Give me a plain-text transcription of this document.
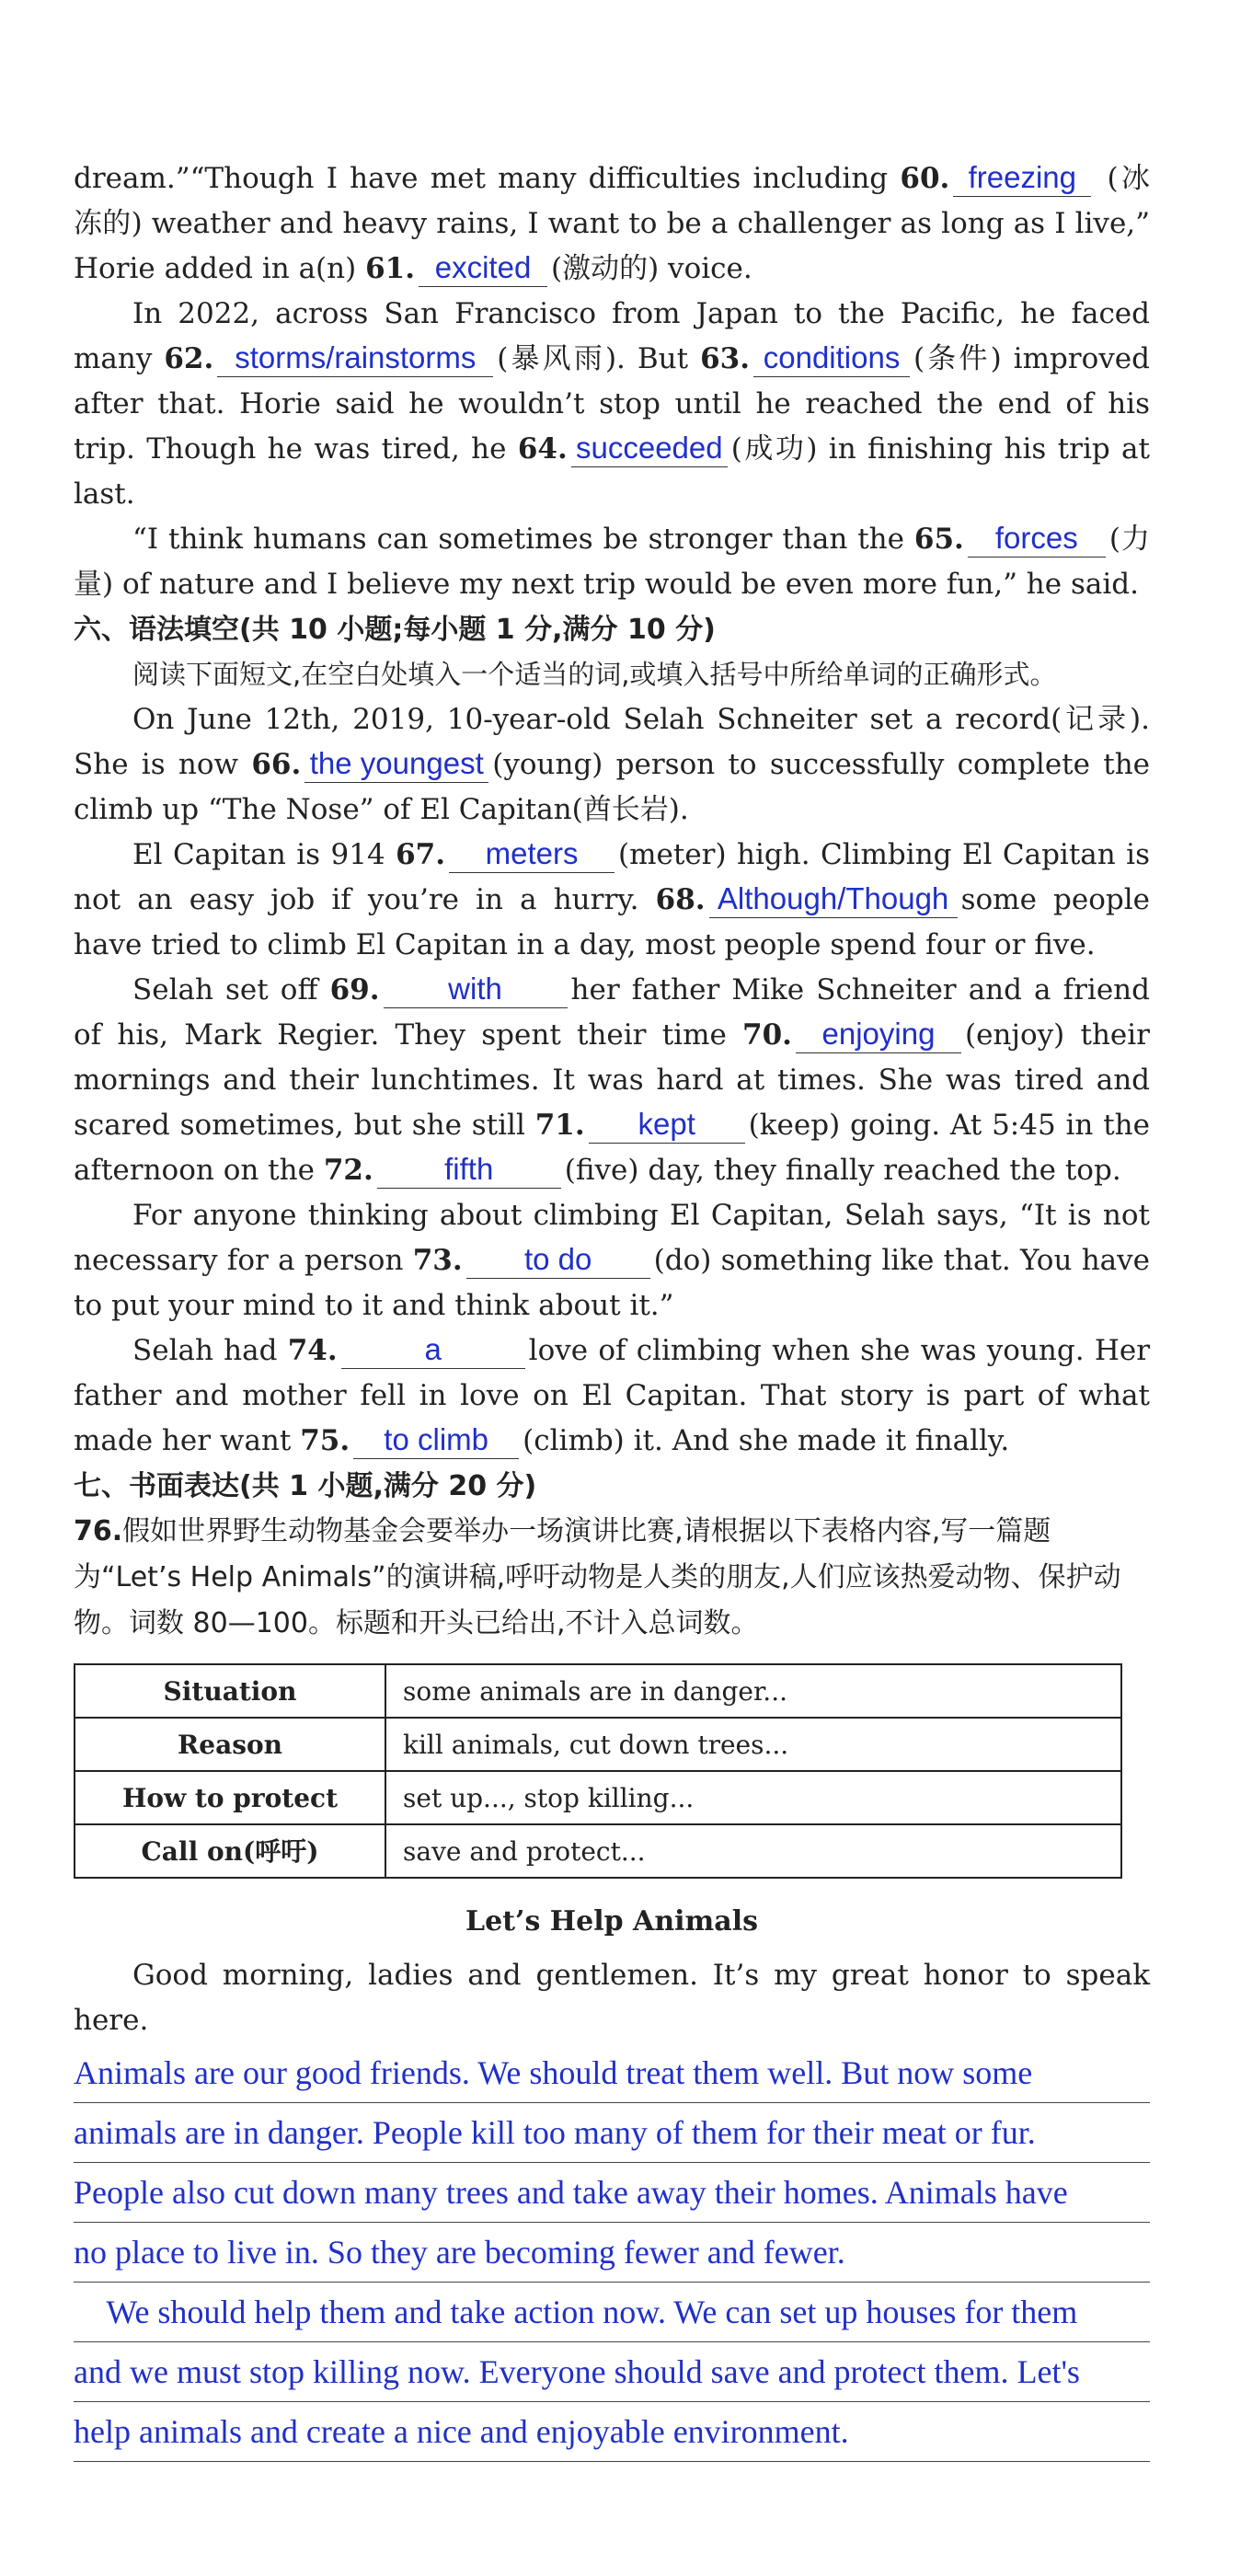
dream.”“Though I have met many difficulties including 60. freezing (冰冻的) weather and heavy rains, I want to be a challenger as long as I live,” Horie added in a(n) 61. excited (激动的) voice.

In 2022, across San Francisco from Japan to the Pacific, he faced many 62. storms/rainstorms (暴风雨). But 63. conditions (条件) improved after that. Horie said he wouldn’t stop until he reached the end of his trip. Though he was tired, he 64. succeeded (成功) in finishing his trip at last.

“I think humans can sometimes be stronger than the 65. forces (力量) of nature and I believe my next trip would be even more fun,” he said.

六、语法填空(共 10 小题;每小题 1 分,满分 10 分)

阅读下面短文,在空白处填入一个适当的词,或填入括号中所给单词的正确形式。

On June 12th, 2019, 10-year-old Selah Schneiter set a record(记录). She is now 66. the youngest (young) person to successfully complete the climb up “The Nose” of El Capitan(酋长岩).

El Capitan is 914 67. meters (meter) high. Climbing El Capitan is not an easy job if you’re in a hurry. 68. Although/Though some people have tried to climb El Capitan in a day, most people spend four or five.

Selah set off 69. with her father Mike Schneiter and a friend of his, Mark Regier. They spent their time 70. enjoying (enjoy) their mornings and their lunchtimes. It was hard at times. She was tired and scared sometimes, but she still 71. kept (keep) going. At 5:45 in the afternoon on the 72. fifth (five) day, they finally reached the top.

For anyone thinking about climbing El Capitan, Selah says, “It is not necessary for a person 73. to do (do) something like that. You have to put your mind to it and think about it.”

Selah had 74.	a	love of climbing when she was young. Her father and mother fell in love on El Capitan. That story is part of what made her want 75. to climb (climb) it. And she made it finally.

七、书面表达(共 1 小题,满分 20 分)

76.假如世界野生动物基金会要举办一场演讲比赛,请根据以下表格内容,写一篇题为“Let’s Help Animals”的演讲稿,呼吁动物是人类的朋友,人们应该热爱动物、保护动物。词数 80—100。标题和开头已给出,不计入总词数。

Situation	some animals are in danger...
Reason	kill animals, cut down trees...
How to protect	set up..., stop killing...
Call on(呼吁)	save and protect...

Let’s Help Animals

Good morning, ladies and gentlemen. It’s my great honor to speak here.

Animals are our good friends. We should treat them well. But now some
animals are in danger. People kill too many of them for their meat or fur.
People also cut down many trees and take away their homes. Animals have
no place to live in. So they are becoming fewer and fewer.
We should help them and take action now. We can set up houses for them
and we must stop killing now. Everyone should save and protect them. Let's
help animals and create a nice and enjoyable environment.
